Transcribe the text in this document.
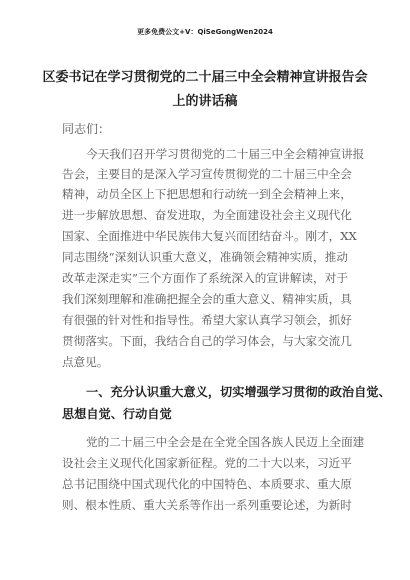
更多免费公文+V：QiSeGongWen2024
区委书记在学习贯彻党的二十届三中全会精神宣讲报告会
上的讲话稿
同志们：
今天我们召开学习贯彻党的二十届三中全会精神宣讲报
告会，主要目的是深入学习宣传贯彻党的二十届三中全会
精神，动员全区上下把思想和行动统一到全会精神上来，
进一步解放思想、奋发进取，为全面建设社会主义现代化
国家、全面推进中华民族伟大复兴而团结奋斗。刚才，XX
同志围绕“深刻认识重大意义，准确领会精神实质，推动
改革走深走实”三个方面作了系统深入的宣讲解读，对于
我们深刻理解和准确把握全会的重大意义、精神实质，具
有很强的针对性和指导性。希望大家认真学习领会，抓好
贯彻落实。下面，我结合自己的学习体会，与大家交流几
点意见。
一、充分认识重大意义，切实增强学习贯彻的政治自觉、
思想自觉、行动自觉
党的二十届三中全会是在全党全国各族人民迈上全面建
设社会主义现代化国家新征程。党的二十大以来，习近平
总书记围绕中国式现代化的中国特色、本质要求、重大原
则、根本性质、重大关系等作出一系列重要论述，为新时
